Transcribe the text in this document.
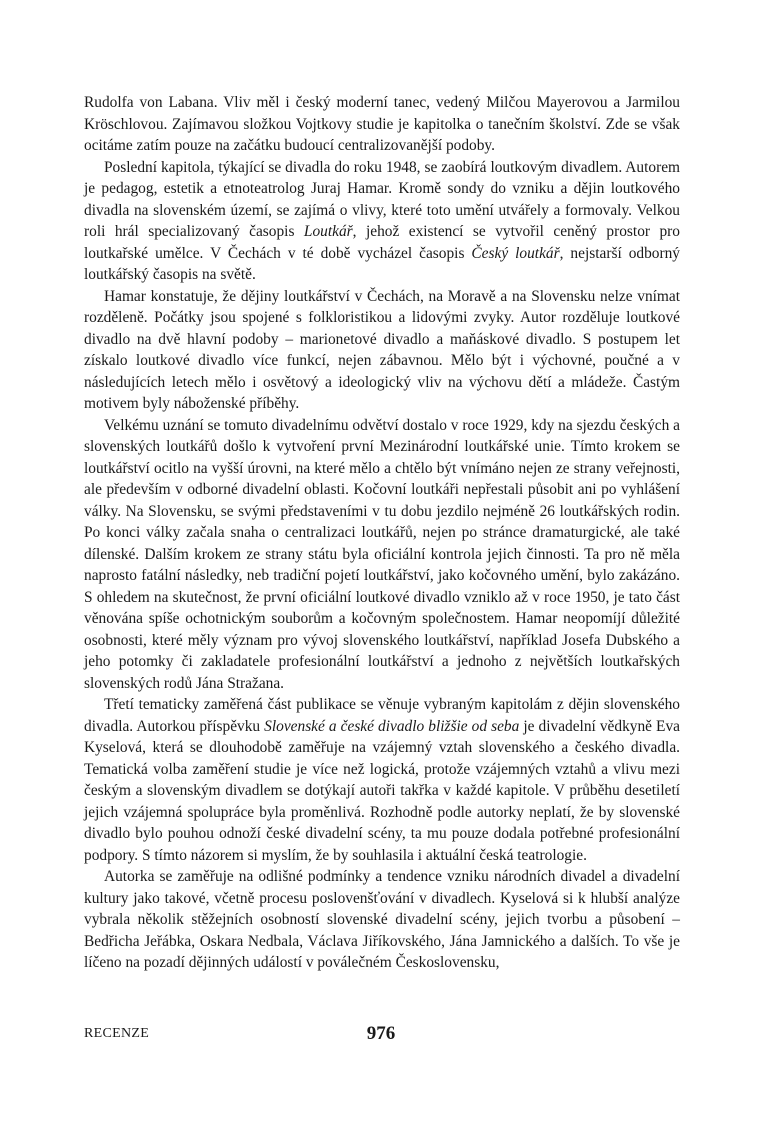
Rudolfa von Labana. Vliv měl i český moderní tanec, vedený Milčou Mayerovou a Jarmilou Kröschlovou. Zajímavou složkou Vojtkovy studie je kapitolka o tanečním školství. Zde se však ocitáme zatím pouze na začátku budoucí centralizovanější podoby.

Poslední kapitola, týkající se divadla do roku 1948, se zaobírá loutkovým divadlem. Autorem je pedagog, estetik a etnoteatrolog Juraj Hamar. Kromě sondy do vzniku a dějin loutkového divadla na slovenském území, se zajímá o vlivy, které toto umění utvářely a formovaly. Velkou roli hrál specializovaný časopis Loutkář, jehož existencí se vytvořil ceněný prostor pro loutkařské umělce. V Čechách v té době vycházel časopis Český loutkář, nejstarší odborný loutkářský časopis na světě.

Hamar konstatuje, že dějiny loutkářství v Čechách, na Moravě a na Slovensku nelze vnímat rozděleně. Počátky jsou spojené s folkloristikou a lidovými zvyky. Autor rozděluje loutkové divadlo na dvě hlavní podoby – marionetové divadlo a maňáskové divadlo. S postupem let získalo loutkové divadlo více funkcí, nejen zábavnou. Mělo být i výchovné, poučné a v následujících letech mělo i osvětový a ideologický vliv na výchovu dětí a mládeže. Častým motivem byly náboženské příběhy.

Velkému uznání se tomuto divadelnímu odvětví dostalo v roce 1929, kdy na sjezdu českých a slovenských loutkářů došlo k vytvoření první Mezinárodní loutkářské unie. Tímto krokem se loutkářství ocitlo na vyšší úrovni, na které mělo a chtělo být vnímáno nejen ze strany veřejnosti, ale především v odborné divadelní oblasti. Kočovní loutkáři nepřestali působit ani po vyhlášení války. Na Slovensku, se svými představeními v tu dobu jezdilo nejméně 26 loutkářských rodin. Po konci války začala snaha o centralizaci loutkářů, nejen po stránce dramaturgické, ale také dílenské. Dalším krokem ze strany státu byla oficiální kontrola jejich činnosti. Ta pro ně měla naprosto fatální následky, neb tradiční pojetí loutkářství, jako kočovného umění, bylo zakázáno. S ohledem na skutečnost, že první oficiální loutkové divadlo vzniklo až v roce 1950, je tato část věnována spíše ochotnickým souborům a kočovným společnostem. Hamar neopomíjí důležité osobnosti, které měly význam pro vývoj slovenského loutkářství, například Josefa Dubského a jeho potomky či zakladatele profesionální loutkářství a jednoho z největších loutkařských slovenských rodů Jána Stražana.

Třetí tematicky zaměřená část publikace se věnuje vybraným kapitolám z dějin slovenského divadla. Autorkou příspěvku Slovenské a české divadlo bližšie od seba je divadelní vědkyně Eva Kyselová, která se dlouhodobě zaměřuje na vzájemný vztah slovenského a českého divadla. Tematická volba zaměření studie je více než logická, protože vzájemných vztahů a vlivu mezi českým a slovenským divadlem se dotýkají autoři takřka v každé kapitole. V průběhu desetiletí jejich vzájemná spolupráce byla proměnlivá. Rozhodně podle autorky neplatí, že by slovenské divadlo bylo pouhou odnoží české divadelní scény, ta mu pouze dodala potřebné profesionální podpory. S tímto názorem si myslím, že by souhlasila i aktuální česká teatrologie.

Autorka se zaměřuje na odlišné podmínky a tendence vzniku národních divadel a divadelní kultury jako takové, včetně procesu poslovenšťování v divadlech. Kyselová si k hlubší analýze vybrala několik stěžejních osobností slovenské divadelní scény, jejich tvorbu a působení – Bedřicha Jeřábka, Oskara Nedbala, Václava Jiříkovského, Jána Jamnického a dalších. To vše je líčeno na pozadí dějinných událostí v poválečném Československu,

RECENZE	976
